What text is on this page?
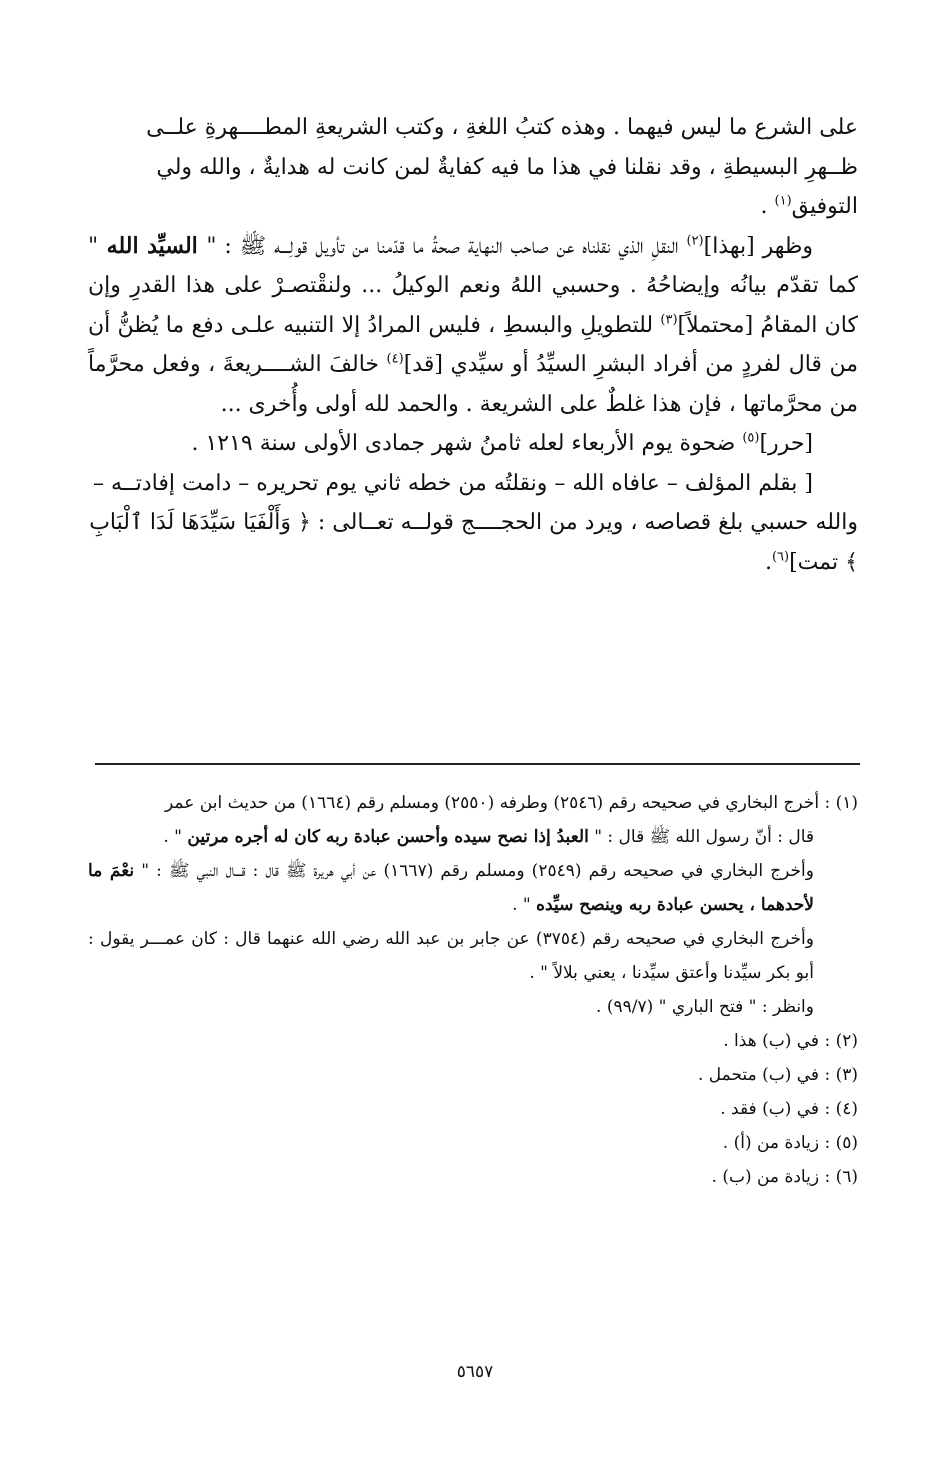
على الشرع ما ليس فيهما . وهذه كتبُ اللغةِ ، وكتب الشريعةِ المطــــهرةِ علــى ظــهرِ البسيطةِ ، وقد نقلنا في هذا ما فيه كفايةٌ لمن كانت له هدايةٌ ، والله ولي التوفيق$^{(١)}$ .

وظهر [بهذا]$^{(٢)}$ النقلِ الذي نقلناه عن صاحب النهاية صحةُ ما قدّمنا من تأويل قولِـــه ﷺ : " السيِّد الله " كما تقدّم بيانُه وإيضاحُهُ . وحسبي اللهُ ونعم الوكيلُ ... ولنقْتصـرْ على هذا القدرِ وإن كان المقامُ [محتملاً]$^{(٣)}$ للتطويلِ والبسطِ ، فليس المرادُ إلا التنبيه علـى دفع ما يُظنُّ أن من قال لفردٍ من أفراد البشرِ السيِّدُ أو سيِّدي [قد]$^{(٤)}$ خالفَ الشــــريعةَ ، وفعل محرَّماً من محرَّماتها ، فإن هذا غلطٌ على الشريعة . والحمد لله أولى وأُخرى ...

[حرر]$^{(٥)}$ ضحوة يوم الأربعاء لعله ثامنُ شهر جمادى الأولى سنة ١٢١٩ .

[ بقلم المؤلف – عافاه الله – ونقلتُه من خطه ثاني يوم تحريره – دامت إفادتــه – والله حسبي بلغ قصاصه ، ويرد من الحجــــج قولــه تعــالى : ﴿ وَأَلْفَيَا سَيِّدَهَا لَدَا ٱلْبَابِ ﴾ تمت]$^{(٦)}$.

(١) : أخرج البخاري في صحيحه رقم (٢٥٤٦) وطرفه (٢٥٥٠) ومسلم رقم (١٦٦٤) من حديث ابن عمر

قال : أنّ رسول الله ﷺ قال : " العبدُ إذا نصح سيده وأحسن عبادة ربه كان له أجره مرتين " .

وأخرج البخاري في صحيحه رقم (٢٥٤٩) ومسلم رقم (١٦٦٧) عن أبي هريرة ﷺ قال : قـــال النبي ﷺ : " نعْمَ ما لأحدهما ، يحسن عبادة ربه وينصح سيِّده " .

وأخرج البخاري في صحيحه رقم (٣٧٥٤) عن جابر بن عبد الله رضي الله عنهما قال : كان عمـــر يقول : أبو بكر سيِّدنا وأعتق سيِّدنا ، يعني بلالاً " .

وانظر : " فتح الباري " (٩٩/٧) .

(٢) : في (ب) هذا .

(٣) : في (ب) متحمل .

(٤) : في (ب) فقد .

(٥) : زيادة من (أ) .

(٦) : زيادة من (ب) .

٥٦٥٧
